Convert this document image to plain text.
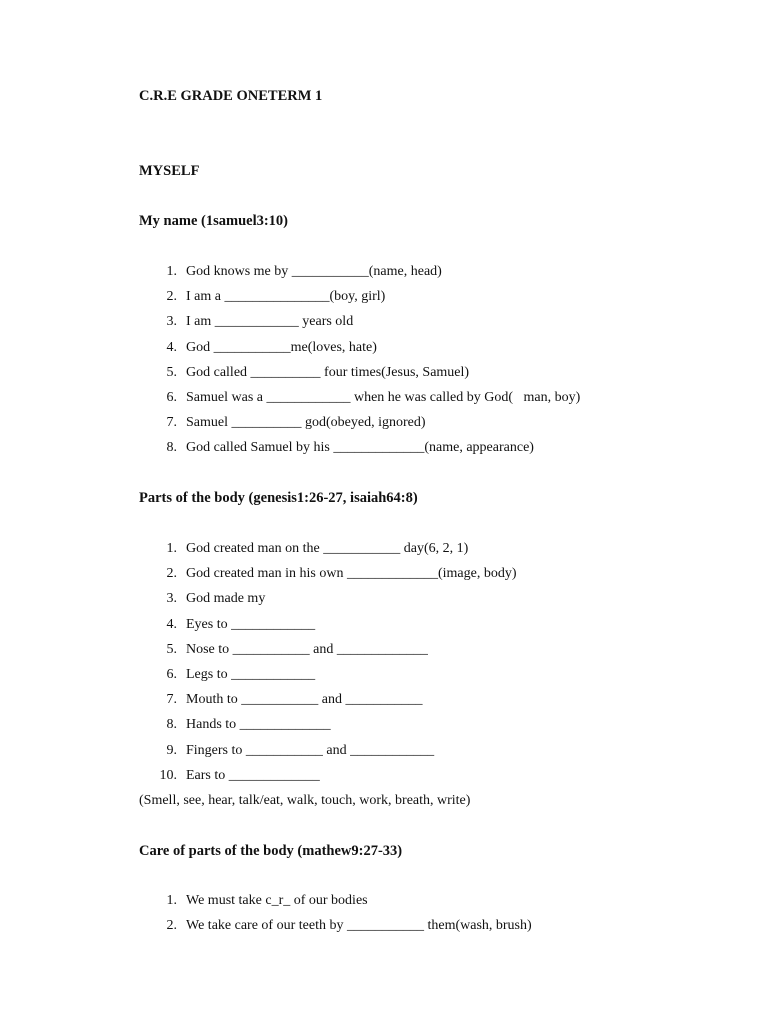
C.R.E GRADE ONETERM 1
MYSELF
My name (1samuel3:10)
1. God knows me by ___________(name, head)
2. I am a _______________(boy, girl)
3. I am ____________ years old
4. God ___________me(loves, hate)
5. God called __________ four times(Jesus, Samuel)
6. Samuel was a ____________ when he was called by God(   man, boy)
7. Samuel __________ god(obeyed, ignored)
8. God called Samuel by his _____________(name, appearance)
Parts of the body (genesis1:26-27, isaiah64:8)
1. God created man on the ___________ day(6, 2, 1)
2. God created man in his own _____________(image, body)
3. God made my
4. Eyes to ____________
5. Nose to ___________ and _____________
6. Legs to ____________
7. Mouth to ___________ and ___________
8. Hands to _____________
9. Fingers to ___________ and ____________
10. Ears to _____________
(Smell, see, hear, talk/eat, walk, touch, work, breath, write)
Care of parts of the body (mathew9:27-33)
1. We must take c_r_ of our bodies
2. We take care of our teeth by ___________ them(wash, brush)
